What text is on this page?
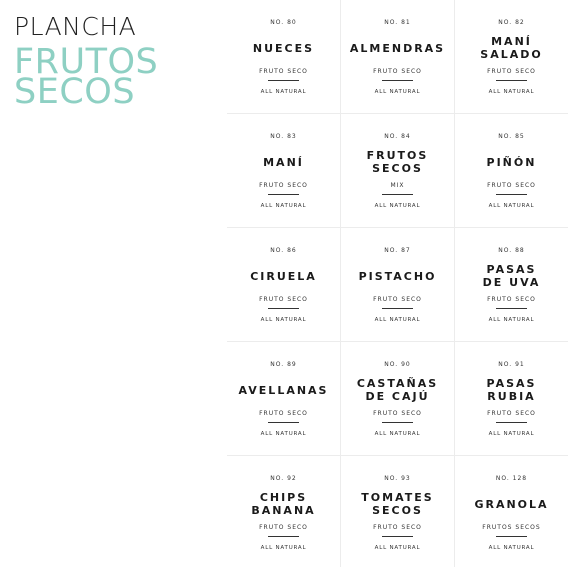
PLANCHA
FRUTOS
SECOS
NO. 80
NUECES
FRUTO SECO
ALL NATURAL
NO. 81
ALMENDRAS
FRUTO SECO
ALL NATURAL
NO. 82
MANÍ
SALADO
FRUTO SECO
ALL NATURAL
NO. 83
MANÍ
FRUTO SECO
ALL NATURAL
NO. 84
FRUTOS
SECOS
MIX
ALL NATURAL
NO. 85
PIÑÓN
FRUTO SECO
ALL NATURAL
NO. 86
CIRUELA
FRUTO SECO
ALL NATURAL
NO. 87
PISTACHO
FRUTO SECO
ALL NATURAL
NO. 88
PASAS
DE UVA
FRUTO SECO
ALL NATURAL
NO. 89
AVELLANAS
FRUTO SECO
ALL NATURAL
NO. 90
CASTAÑAS
DE CAJÚ
FRUTO SECO
ALL NATURAL
NO. 91
PASAS
RUBIA
FRUTO SECO
ALL NATURAL
NO. 92
CHIPS
BANANA
FRUTO SECO
ALL NATURAL
NO. 93
TOMATES
SECOS
FRUTO SECO
ALL NATURAL
NO. 128
GRANOLA
FRUTOS SECOS
ALL NATURAL
